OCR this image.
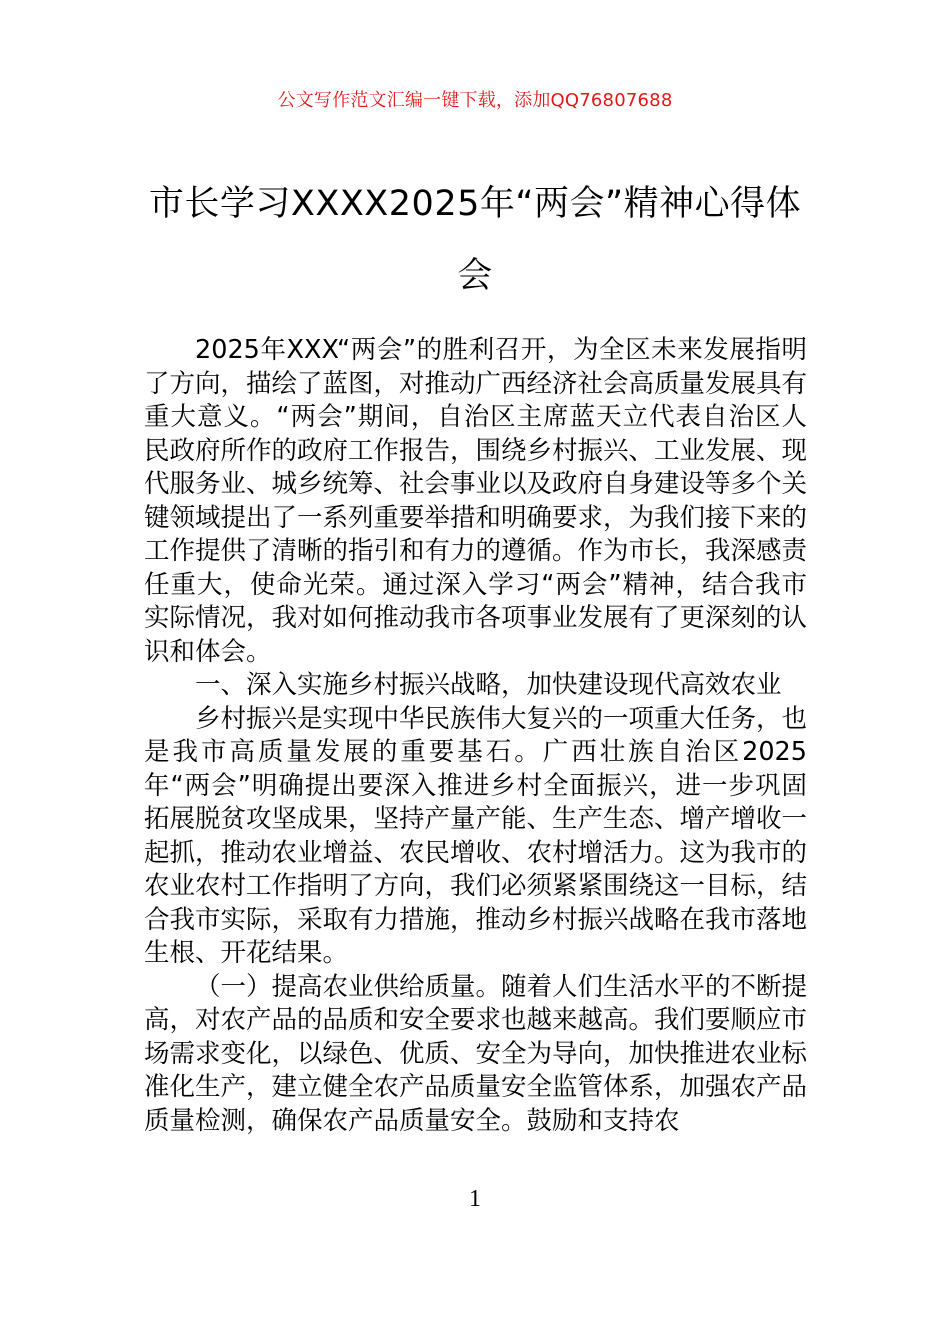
公文写作范文汇编一键下载，添加QQ76807688
市长学习XXXX2025年“两会”精神心得体会

2025年XXX“两会”的胜利召开，为全区未来发展指明了方向，描绘了蓝图，对推动广西经济社会高质量发展具有重大意义。“两会”期间，自治区主席蓝天立代表自治区人民政府所作的政府工作报告，围绕乡村振兴、工业发展、现代服务业、城乡统筹、社会事业以及政府自身建设等多个关键领域提出了一系列重要举措和明确要求，为我们接下来的工作提供了清晰的指引和有力的遵循。作为市长，我深感责任重大，使命光荣。通过深入学习“两会”精神，结合我市实际情况，我对如何推动我市各项事业发展有了更深刻的认识和体会。

一、深入实施乡村振兴战略，加快建设现代高效农业

乡村振兴是实现中华民族伟大复兴的一项重大任务，也是我市高质量发展的重要基石。广西壮族自治区2025年“两会”明确提出要深入推进乡村全面振兴，进一步巩固拓展脱贫攻坚成果，坚持产量产能、生产生态、增产增收一起抓，推动农业增益、农民增收、农村增活力。这为我市的农业农村工作指明了方向，我们必须紧紧围绕这一目标，结合我市实际，采取有力措施，推动乡村振兴战略在我市落地生根、开花结果。

（一）提高农业供给质量。随着人们生活水平的不断提高，对农产品的品质和安全要求也越来越高。我们要顺应市场需求变化，以绿色、优质、安全为导向，加快推进农业标准化生产，建立健全农产品质量安全监管体系，加强农产品质量检测，确保农产品质量安全。鼓励和支持农

1
